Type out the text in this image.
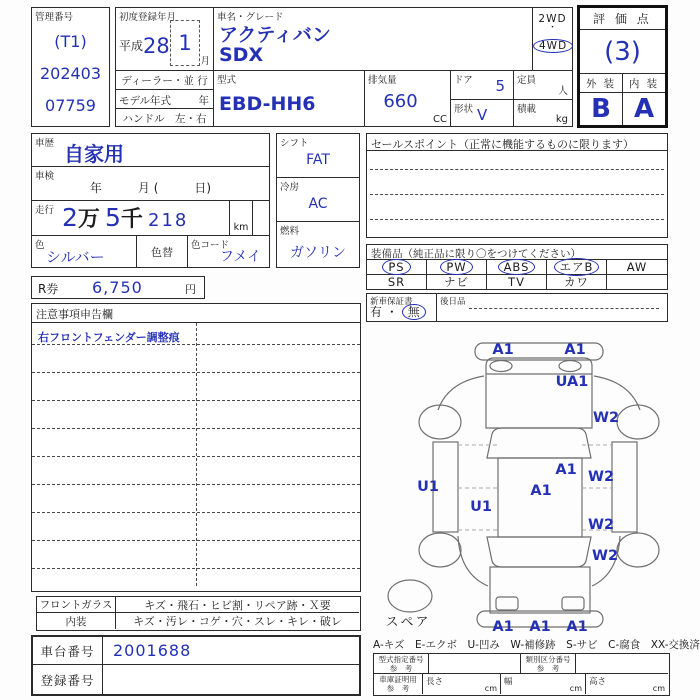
管理番号
(T1)
202403
07759
初度登録年月
平成 28 1
月
ディーラー・並 行
モデル年式	年
ハンドル　左・右
車名・グレード
アクティバン
SDX
2WD
・
4WD
型式
EBD-HH6
排気量
660
CC
ドア 5
形状 V
定員
人
積載
kg
評 価 点
(3)
外 装	内 装
B A
車歴 自家用
車検
年　　　月 (　　　日)
走行 2万 5千 218	km
色
シルバー	色替
色コード
フメイ
シフト
FAT
冷房
AC
燃料
ガソリン
セールスポイント（正常に機能するものに限ります）
装備品（純正品に限り〇をつけてください）
PS	PW	ABS	エアB	AW
SR	ナビ	TV	カワ
新車保証書
有 ・ 無
後日品
R券 6,750	円
注意事項申告欄
右フロントフェンダー調整痕
フロントガラス	キズ・飛石・ヒビ割・リペア跡・Ｘ要
内装	キズ・汚レ・コゲ・穴・スレ・キレ・破レ
車台番号	2001688
登録番号
A1	A1
UA1
W2
A1 W2
U1	A1
U1
W2
W2
A1 A1 A1
スペア
A-キズ　E-エクボ　U-凹み　W-補修跡　S-サビ　C-腐食　XX-交換済
型式指定番号
参　考
類別区分番号
参　考
車庫証明用
参　考
長さ
cm
幅
cm
高さ
cm
